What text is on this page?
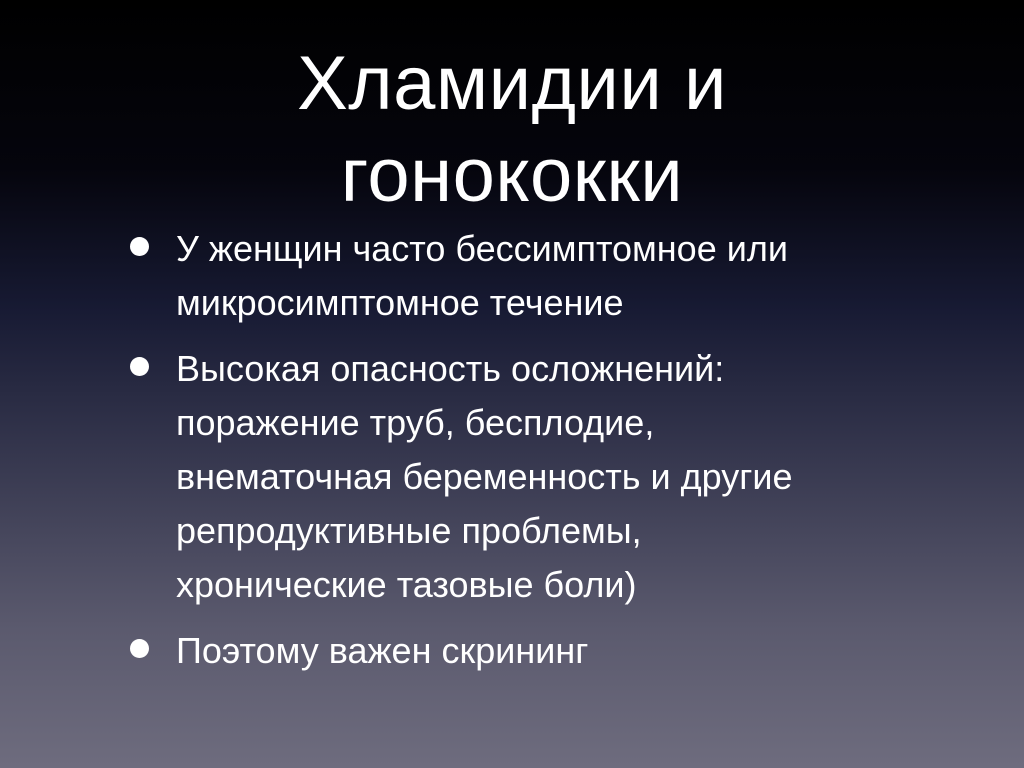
Хламидии и
гонококки
У женщин часто бессимптомное или
микросимптомное течение
Высокая опасность осложнений:
поражение труб, бесплодие,
внематочная беременность и другие
репродуктивные проблемы,
хронические тазовые боли)
Поэтому важен скрининг
